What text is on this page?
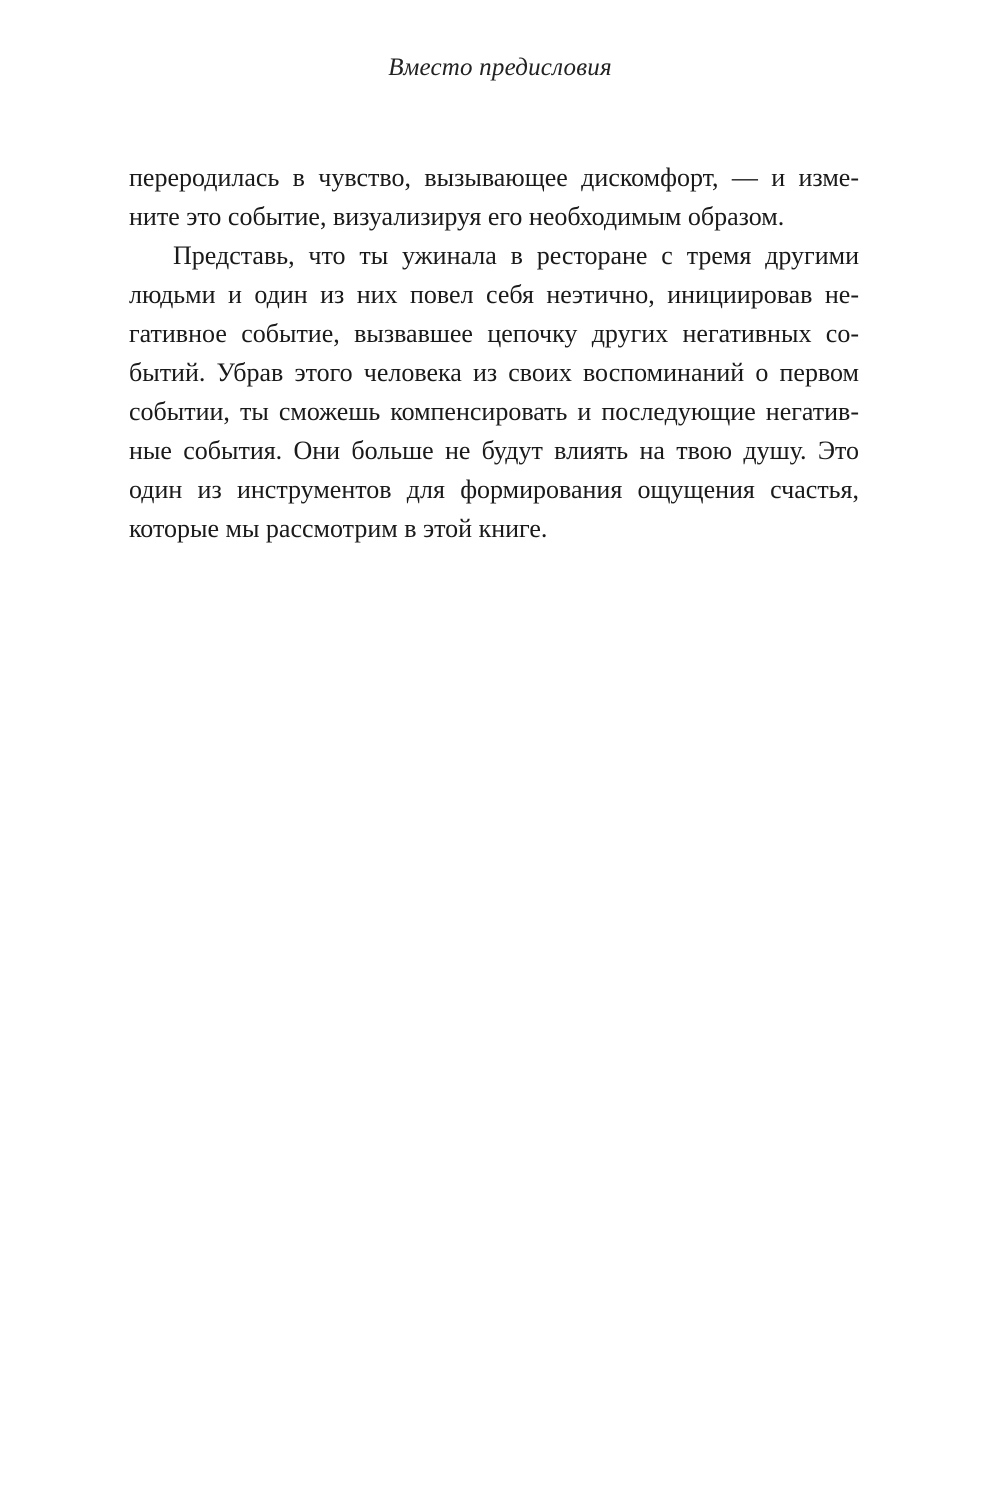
Вместо предисловия
переродилась в чувство, вызывающее дискомфорт, — и изме-
ните это событие, визуализируя его необходимым образом.
Представь, что ты ужинала в ресторане с тремя другими
людьми и один из них повел себя неэтично, инициировав не-
гативное событие, вызвавшее цепочку других негативных со-
бытий. Убрав этого человека из своих воспоминаний о первом
событии, ты сможешь компенсировать и последующие негатив-
ные события. Они больше не будут влиять на твою душу. Это
один из инструментов для формирования ощущения счастья,
которые мы рассмотрим в этой книге.
